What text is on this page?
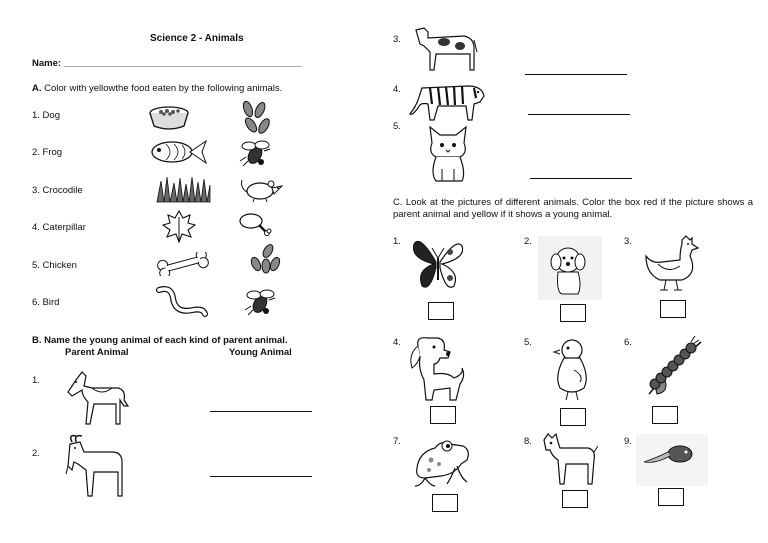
Science 2 - Animals
Name: _____________________________________________
A. Color with yellowthe food eaten by the following animals.
1. Dog
2. Frog
3. Crocodile
4. Caterpillar
5. Chicken
6. Bird
B. Name the young animal of each kind of parent animal.
Parent Animal	Young Animal
1.
2.
3.
4.
5.
C. Look at the pictures of different animals. Color the box red if the picture shows a parent animal and yellow if it shows a young animal.
1.	2.	3.
4.	5.	6.
7.	8.	9.
